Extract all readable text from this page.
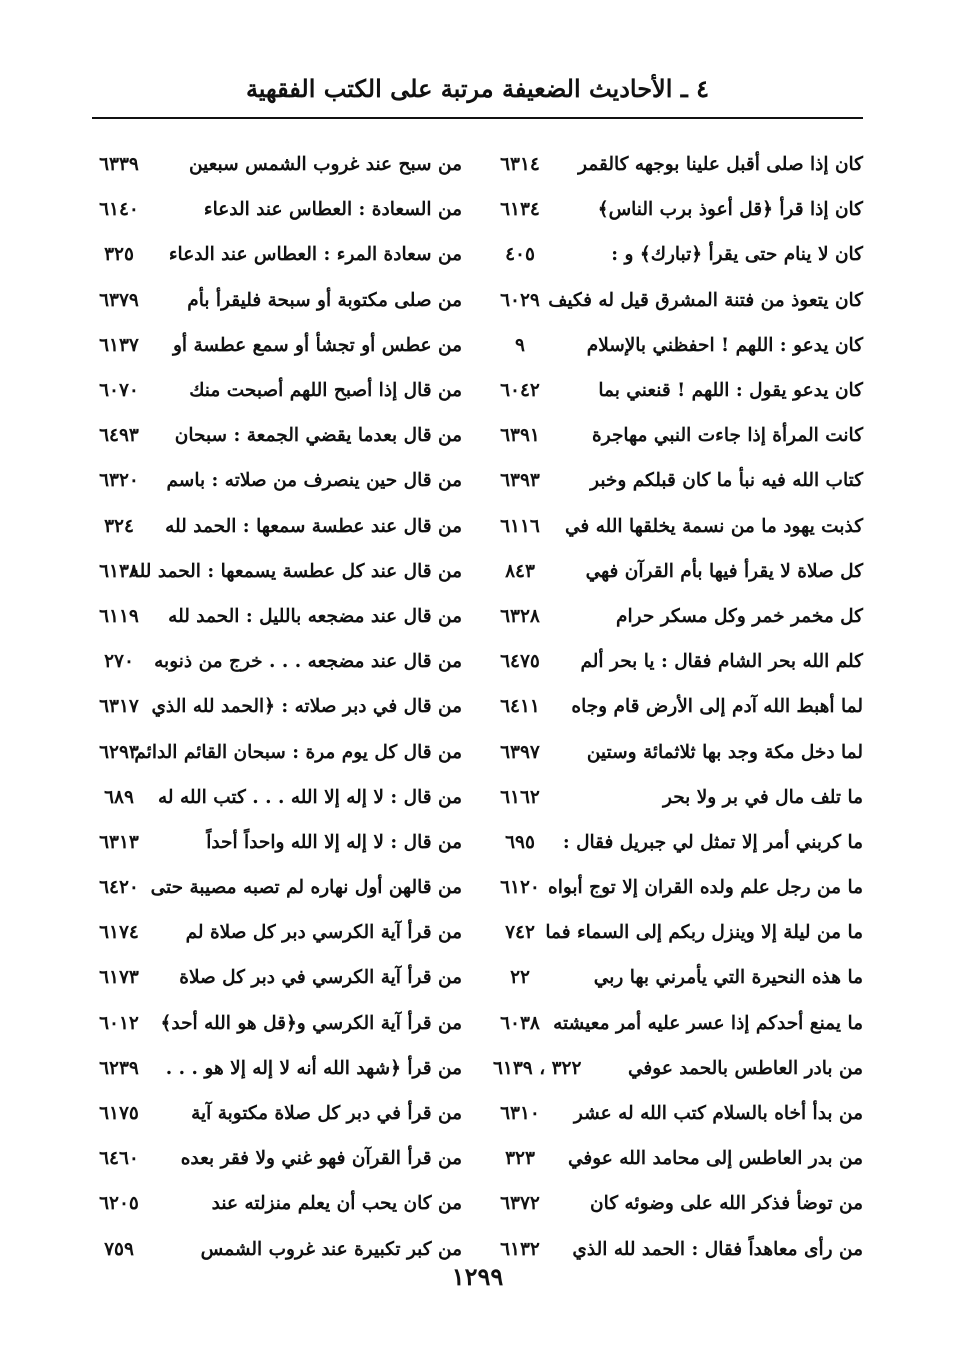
٤ ـ الأحاديث الضعيفة مرتبة على الكتب الفقهية
كان إذا صلى أقبل علينا بوجهه كالقمر
٦٣١٤
كان إذا قرأ ﴿قل أعوذ برب الناس﴾
٦١٣٤
كان لا ينام حتى يقرأ ﴿تبارك﴾ و :
٤٠٥
كان يتعوذ من فتنة المشرق قيل له فكيف
٦٠٢٩
كان يدعو : اللهم ! احفظني بالإسلام
٩
كان يدعو يقول : اللهم ! قنعني بما
٦٠٤٢
كانت المرأة إذا جاءت النبي مهاجرة
٦٣٩١
كتاب الله فيه نبأ ما كان قبلكم وخبر
٦٣٩٣
كذبت يهود ما من نسمة يخلقها الله في
٦١١٦
كل صلاة لا يقرأ فيها بأم القرآن فهي
٨٤٣
كل مخمر خمر وكل مسكر حرام
٦٣٢٨
كلم الله بحر الشام فقال : يا بحر ألم
٦٤٧٥
لما أهبط الله آدم إلى الأرض قام وجاه
٦٤١١
لما دخل مكة وجد بها ثلاثمائة وستين
٦٣٩٧
ما تلف مال في بر ولا بحر
٦١٦٢
ما كربني أمر إلا تمثل لي جبريل فقال :
٦٩٥
ما من رجل علم ولده القران إلا توج أبواه
٦١٢٠
ما من ليلة إلا وينزل ربكم إلى السماء فما
٧٤٢
ما هذه النحيرة التي يأمرني بها ربي
٢٢
ما يمنع أحدكم إذا عسر عليه أمر معيشته
٦٠٣٨
من بادر العاطس بالحمد عوفي
٣٢٢ ، ٦١٣٩
من بدأ أخاه بالسلام كتب الله له عشر
٦٣١٠
من بدر العاطس إلى محامد الله عوفي
٣٢٣
من توضأ فذكر الله على وضوئه كان
٦٣٧٢
من رأى معاهداً فقال : الحمد لله الذي
٦١٣٢
من سبح عند غروب الشمس سبعين
٦٣٣٩
من السعادة : العطاس عند الدعاء
٦١٤٠
من سعادة المرء : العطاس عند الدعاء
٣٢٥
من صلى مكتوبة أو سبحة فليقرأ بأم
٦٣٧٩
من عطس أو تجشأ أو سمع عطسة أو
٦١٣٧
من قال إذا أصبح اللهم أصبحت منك
٦٠٧٠
من قال بعدما يقضي الجمعة : سبحان
٦٤٩٣
من قال حين ينصرف من صلاته : باسم
٦٣٢٠
من قال عند عطسة سمعها : الحمد لله
٣٢٤
من قال عند كل عطسة يسمعها : الحمد لله
٦١٣٨
من قال عند مضجعه بالليل : الحمد لله
٦١١٩
من قال عند مضجعه . . . خرج من ذنوبه
٢٧٠
من قال في دبر صلاته : ﴿الحمد لله الذي
٦٣١٧
من قال كل يوم مرة : سبحان القائم الدائم
٦٢٩٣
من قال : لا إله إلا الله . . . كتب الله له
٦٨٩
من قال : لا إله إلا الله واحداً أحداً
٦٣١٣
من قالهن أول نهاره لم تصبه مصيبة حتى
٦٤٢٠
من قرأ آية الكرسي دبر كل صلاة لم
٦١٧٤
من قرأ آية الكرسي في دبر كل صلاة
٦١٧٣
من قرأ آية الكرسي و﴿قل هو الله أحد﴾
٦٠١٢
من قرأ ﴿شهد الله أنه لا إله إلا هو . . .
٦٢٣٩
من قرأ في دبر كل صلاة مكتوبة آية
٦١٧٥
من قرأ القرآن فهو غني ولا فقر بعده
٦٤٦٠
من كان يحب أن يعلم منزلته عند
٦٢٠٥
من كبر تكبيرة عند غروب الشمس
٧٥٩
١٢٩٩
